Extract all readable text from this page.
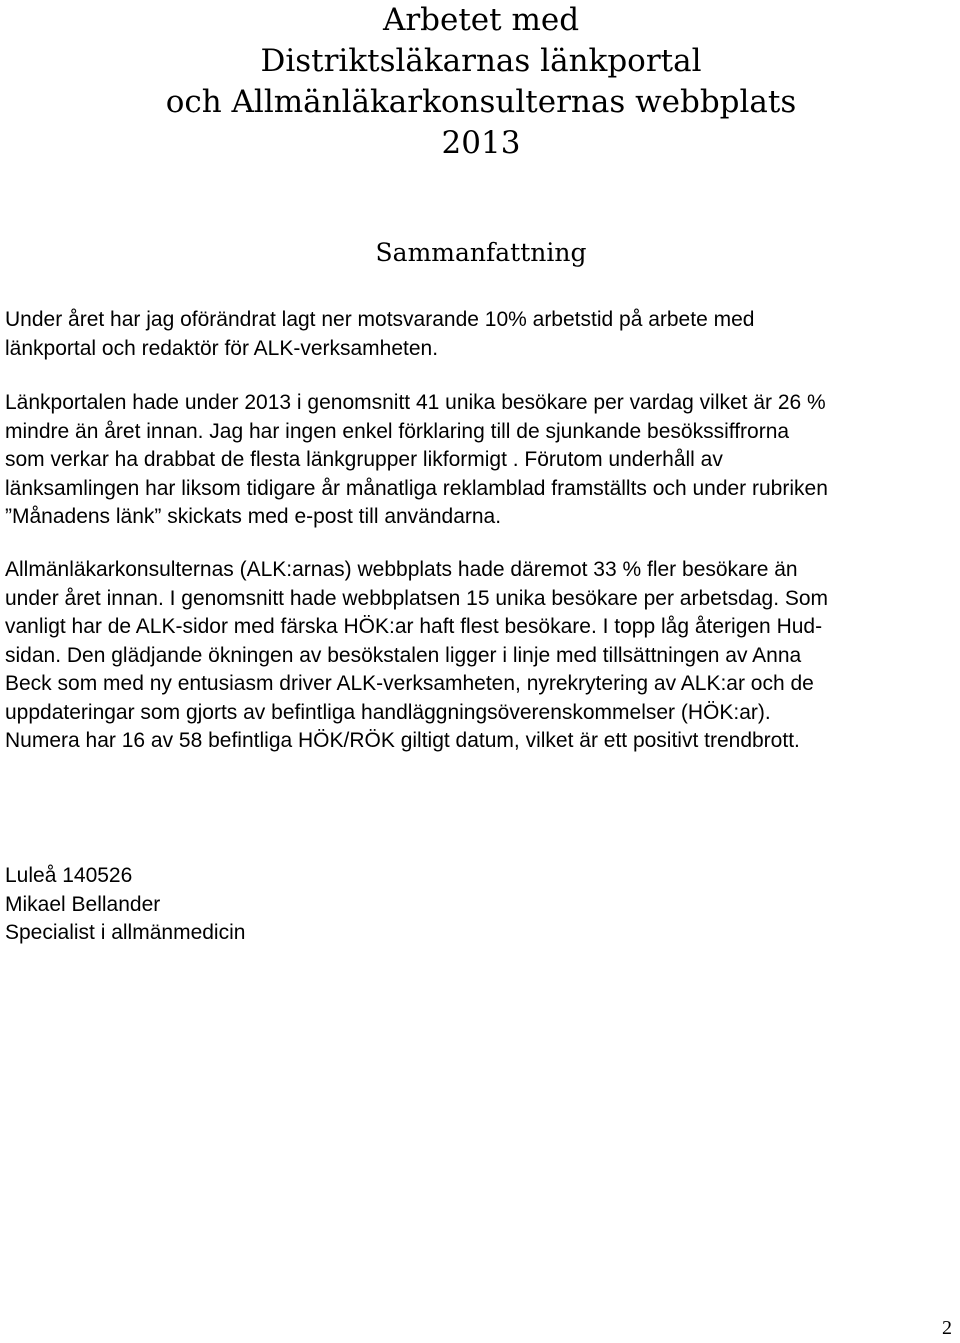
Arbetet med
Distriktsläkarnas länkportal
och Allmänläkarkonsulternas webbplats
2013
Sammanfattning
Under året har jag oförändrat lagt ner motsvarande 10% arbetstid på arbete med
länkportal och redaktör för ALK-verksamheten.
Länkportalen hade under 2013 i genomsnitt 41 unika besökare per vardag vilket är 26 %
mindre än året innan. Jag har ingen enkel förklaring till de sjunkande besökssiffrorna
som verkar ha drabbat de flesta länkgrupper likformigt . Förutom underhåll av
länksamlingen har liksom tidigare år månatliga reklamblad framställts och under rubriken
”Månadens länk” skickats med e-post till användarna.
Allmänläkarkonsulternas (ALK:arnas) webbplats hade däremot 33 % fler besökare än
under året innan. I genomsnitt hade webbplatsen 15 unika besökare per arbetsdag. Som
vanligt har de ALK-sidor med färska HÖK:ar haft flest besökare. I topp låg återigen Hud-
sidan. Den glädjande ökningen av besökstalen ligger i linje med tillsättningen av Anna
Beck som med ny entusiasm driver ALK-verksamheten, nyrekrytering av ALK:ar och de
uppdateringar som gjorts av befintliga handläggningsöverenskommelser (HÖK:ar).
Numera har 16 av 58 befintliga HÖK/RÖK giltigt datum, vilket är ett positivt trendbrott.
Luleå 140526
Mikael Bellander
Specialist i allmänmedicin
2
